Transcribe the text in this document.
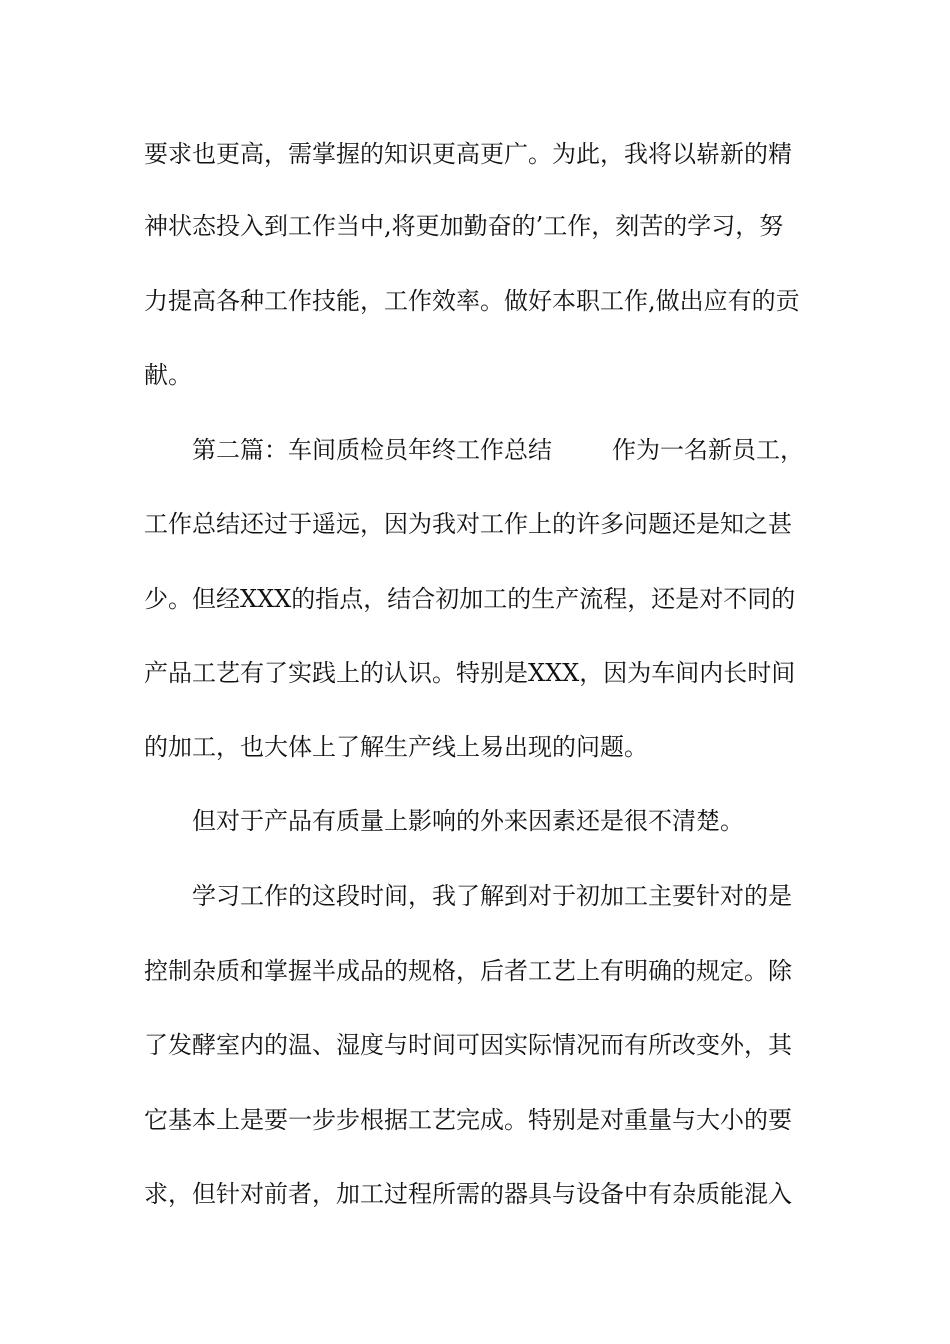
要求也更高，需掌握的知识更高更广。为此，我将以崭新的精
神状态投入到工作当中,将更加勤奋的’工作，刻苦的学习，努
力提高各种工作技能，工作效率。做好本职工作,做出应有的贡
献。
第二篇：车间质检员年终工作总结	作为一名新员工，
工作总结还过于遥远，因为我对工作上的许多问题还是知之甚
少。但经XXX的指点，结合初加工的生产流程，还是对不同的
产品工艺有了实践上的认识。特别是XXX，因为车间内长时间
的加工，也大体上了解生产线上易出现的问题。
但对于产品有质量上影响的外来因素还是很不清楚。
学习工作的这段时间，我了解到对于初加工主要针对的是
控制杂质和掌握半成品的规格，后者工艺上有明确的规定。除
了发酵室内的温、湿度与时间可因实际情况而有所改变外，其
它基本上是要一步步根据工艺完成。特别是对重量与大小的要
求，但针对前者，加工过程所需的器具与设备中有杂质能混入
